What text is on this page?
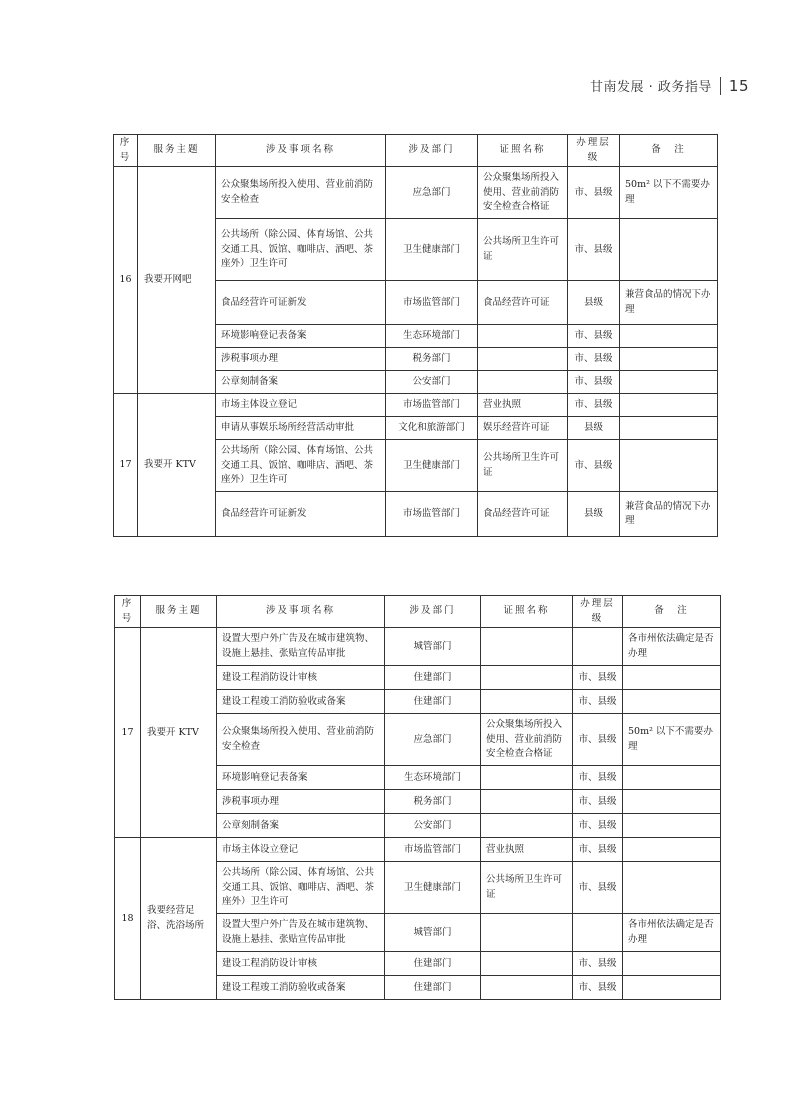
甘南发展 · 政务指导 15
序号	服务主题	涉及事项名称	涉及部门	证照名称	办理层级	备　注
16	我要开网吧	公众聚集场所投入使用、营业前消防安全检查	应急部门	公众聚集场所投入使用、营业前消防安全检查合格证	市、县级	50m² 以下不需要办理
		公共场所（除公园、体育场馆、公共交通工具、饭馆、咖啡店、酒吧、茶座外）卫生许可	卫生健康部门	公共场所卫生许可证	市、县级	
		食品经营许可证新发	市场监管部门	食品经营许可证	县级	兼营食品的情况下办理
		环境影响登记表备案	生态环境部门		市、县级	
		涉税事项办理	税务部门		市、县级	
		公章刻制备案	公安部门		市、县级	
17	我要开 KTV	市场主体设立登记	市场监管部门	营业执照	市、县级	
		申请从事娱乐场所经营活动审批	文化和旅游部门	娱乐经营许可证	县级	
		公共场所（除公园、体育场馆、公共交通工具、饭馆、咖啡店、酒吧、茶座外）卫生许可	卫生健康部门	公共场所卫生许可证	市、县级	
		食品经营许可证新发	市场监管部门	食品经营许可证	县级	兼营食品的情况下办理
序号	服务主题	涉及事项名称	涉及部门	证照名称	办理层级	备　注
17	我要开 KTV	设置大型户外广告及在城市建筑物、设施上悬挂、张贴宣传品审批	城管部门			各市州依法确定是否办理
		建设工程消防设计审核	住建部门		市、县级	
		建设工程竣工消防验收或备案	住建部门		市、县级	
		公众聚集场所投入使用、营业前消防安全检查	应急部门	公众聚集场所投入使用、营业前消防安全检查合格证	市、县级	50m² 以下不需要办理
		环境影响登记表备案	生态环境部门		市、县级	
		涉税事项办理	税务部门		市、县级	
		公章刻制备案	公安部门		市、县级	
18	我要经营足浴、洗浴场所	市场主体设立登记	市场监管部门	营业执照	市、县级	
		公共场所（除公园、体育场馆、公共交通工具、饭馆、咖啡店、酒吧、茶座外）卫生许可	卫生健康部门	公共场所卫生许可证	市、县级	
		设置大型户外广告及在城市建筑物、设施上悬挂、张贴宣传品审批	城管部门			各市州依法确定是否办理
		建设工程消防设计审核	住建部门		市、县级	
		建设工程竣工消防验收或备案	住建部门		市、县级	
